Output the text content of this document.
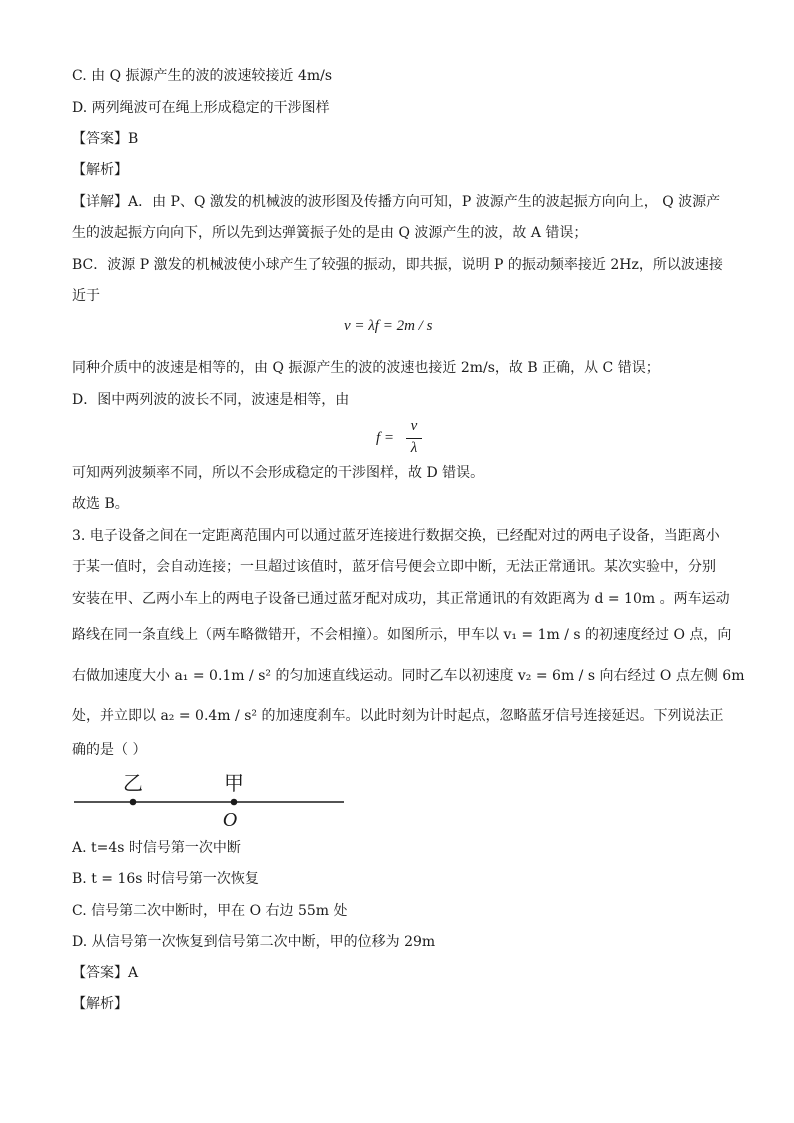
C. 由 Q 振源产生的波的波速较接近 4m/s
D. 两列绳波可在绳上形成稳定的干涉图样
【答案】B
【解析】
【详解】A．由 P、Q 激发的机械波的波形图及传播方向可知，P 波源产生的波起振方向向上， Q 波源产
生的波起振方向向下，所以先到达弹簧振子处的是由 Q 波源产生的波，故 A 错误；
BC．波源 P 激发的机械波使小球产生了较强的振动，即共振，说明 P 的振动频率接近 2Hz，所以波速接
近于
v = λf = 2m / s
同种介质中的波速是相等的，由 Q 振源产生的波的波速也接近 2m/s，故 B 正确，从 C 错误；
D．图中两列波的波长不同，波速是相等，由
f =
v
λ
可知两列波频率不同，所以不会形成稳定的干涉图样，故 D 错误。
故选 B。
3. 电子设备之间在一定距离范围内可以通过蓝牙连接进行数据交换，已经配对过的两电子设备，当距离小
于某一值时，会自动连接；一旦超过该值时，蓝牙信号便会立即中断，无法正常通讯。某次实验中，分别
安装在甲、乙两小车上的两电子设备已通过蓝牙配对成功，其正常通讯的有效距离为 d = 10m 。两车运动
路线在同一条直线上（两车略微错开，不会相撞）。如图所示，甲车以 v₁ = 1m / s 的初速度经过 O 点，向
右做加速度大小 a₁ = 0.1m / s² 的匀加速直线运动。同时乙车以初速度 v₂ = 6m / s 向右经过 O 点左侧 6m
处，并立即以 a₂ = 0.4m / s² 的加速度刹车。以此时刻为计时起点，忽略蓝牙信号连接延迟。下列说法正
确的是（ ）
乙	甲
O
A. t=4s 时信号第一次中断
B. t = 16s 时信号第一次恢复
C. 信号第二次中断时，甲在 O 右边 55m 处
D. 从信号第一次恢复到信号第二次中断，甲的位移为 29m
【答案】A
【解析】
